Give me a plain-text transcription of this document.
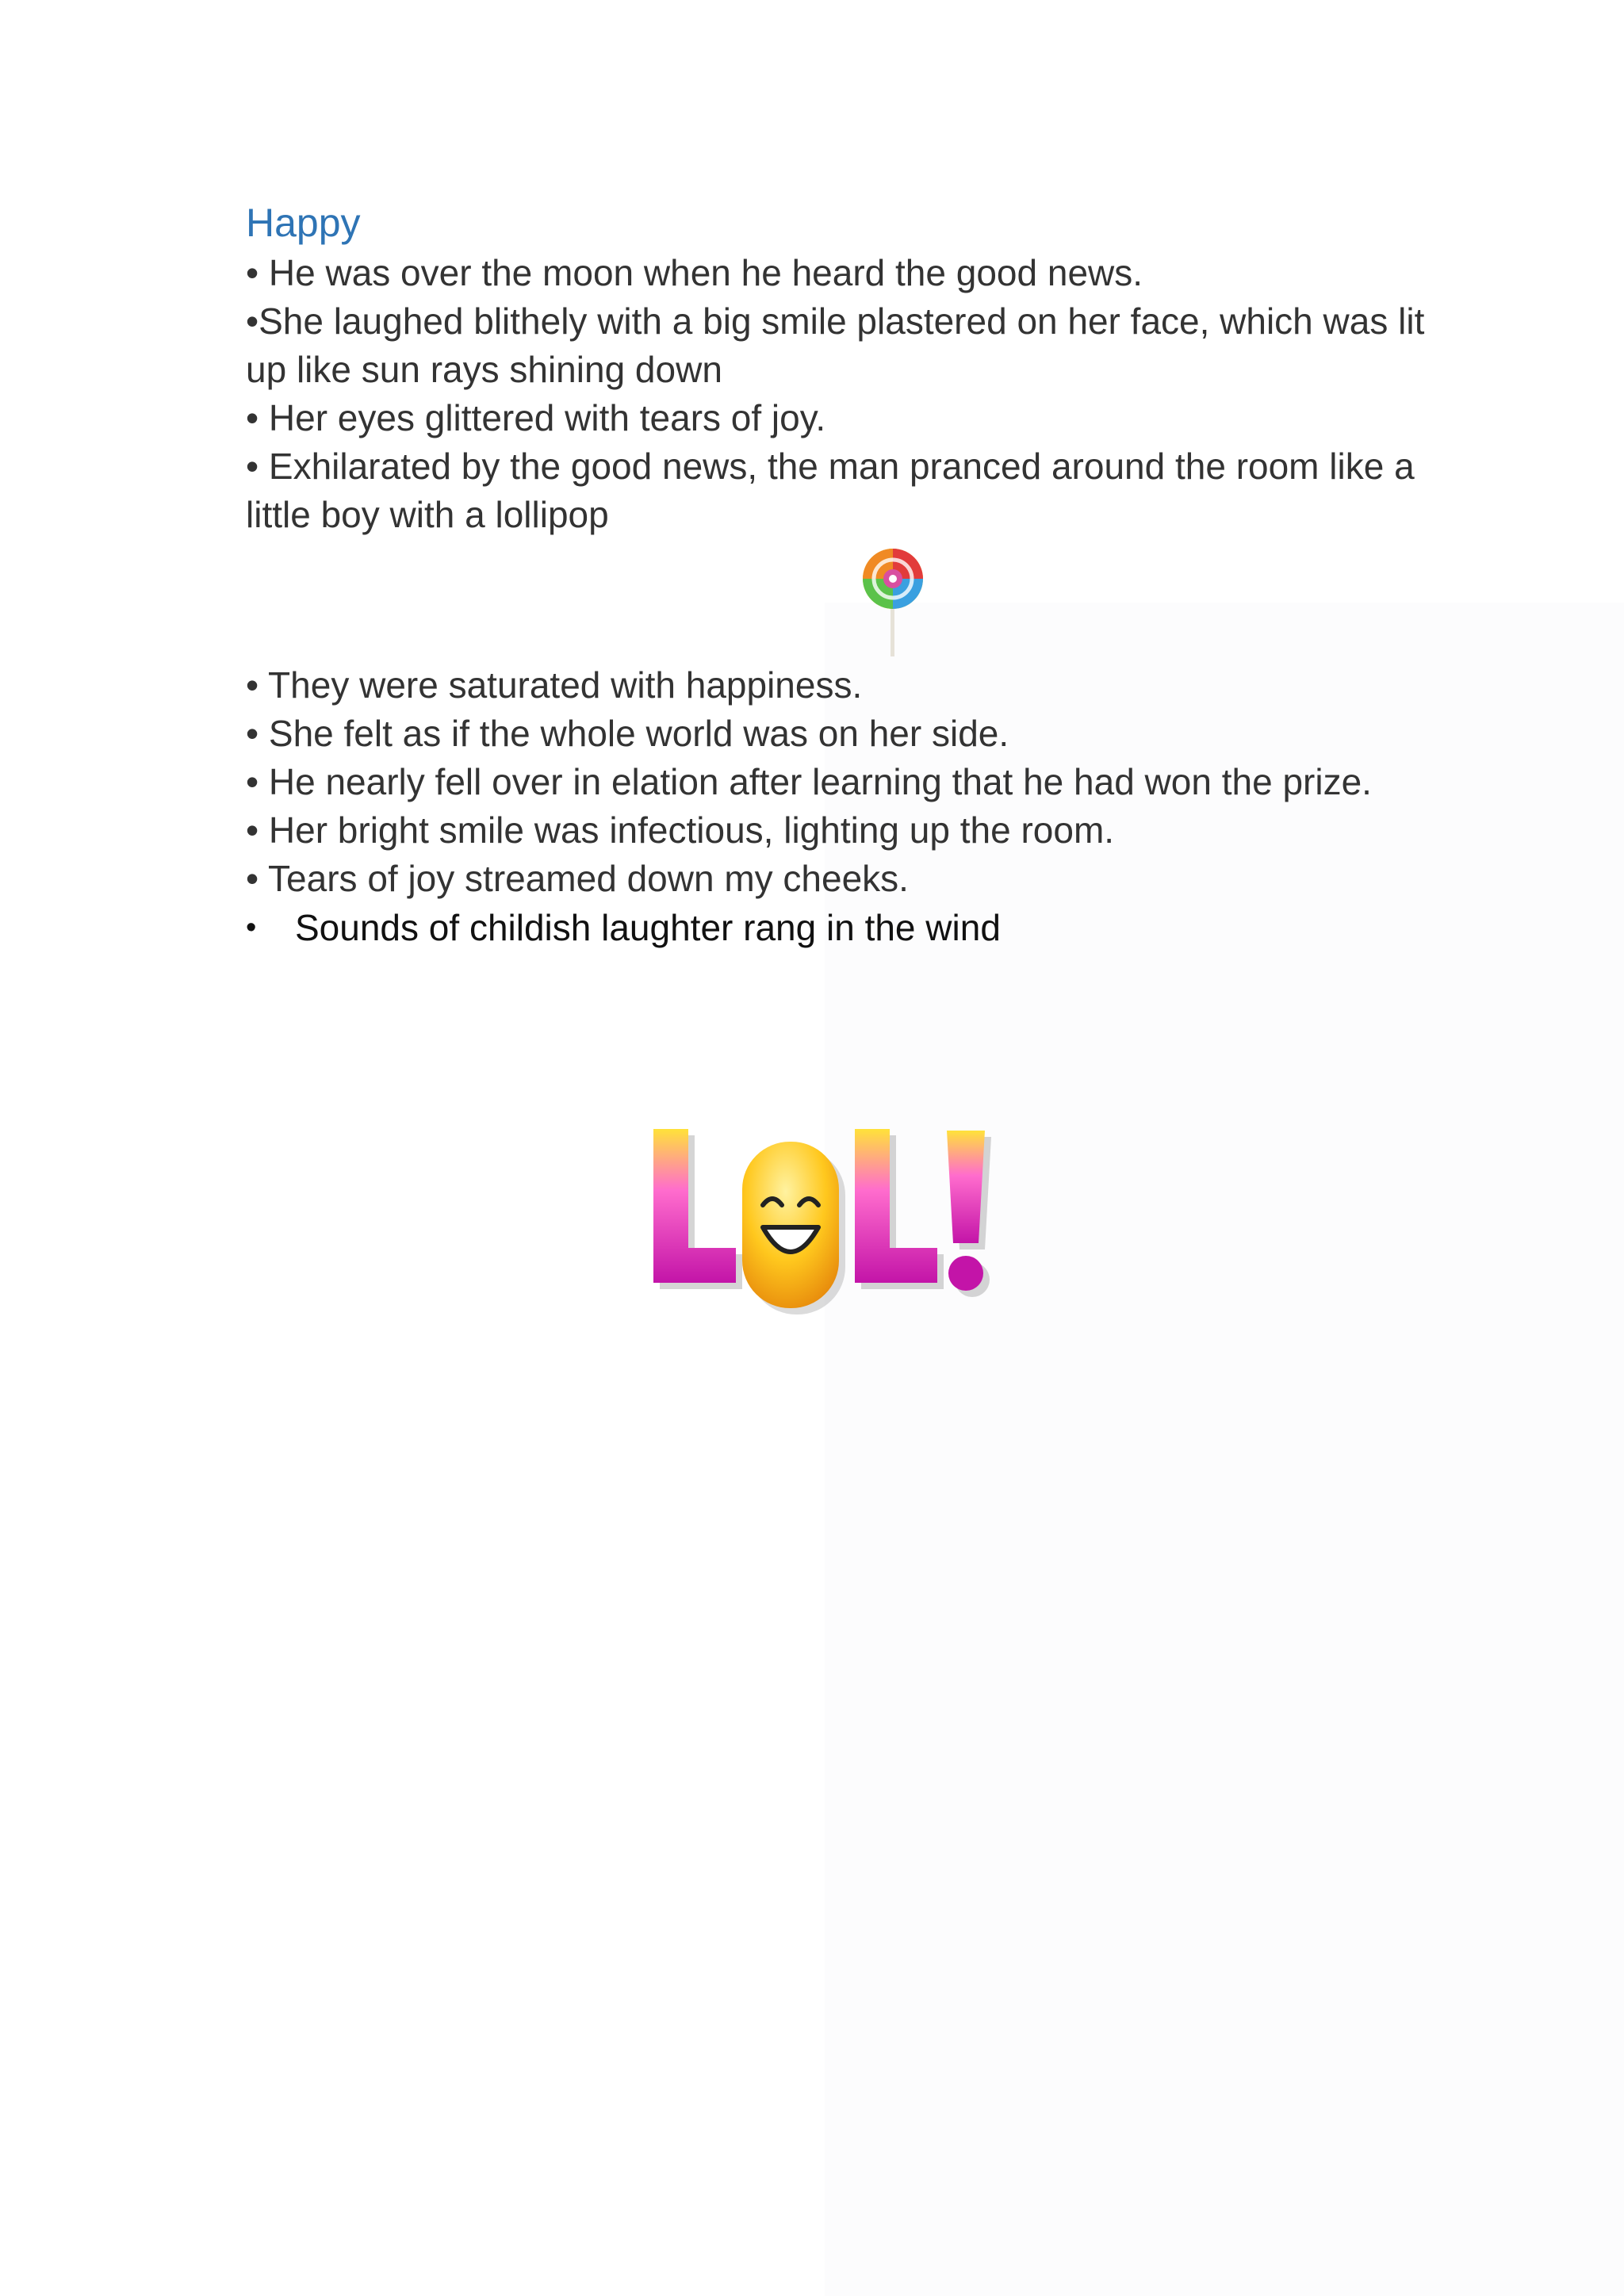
Happy

• He was over the moon when he heard the good news.

•She laughed blithely with a big smile plastered on her face, which was lit

up like sun rays shining down

• Her eyes glittered with tears of joy.

• Exhilarated by the good news, the man pranced around the room like a

little boy with a lollipop

• They were saturated with happiness.

• She felt as if the whole world was on her side.

• He nearly fell over in elation after learning that he had won the prize.

• Her bright smile was infectious, lighting up the room.

• Tears of joy streamed down my cheeks.

•	Sounds of childish laughter rang in the wind
